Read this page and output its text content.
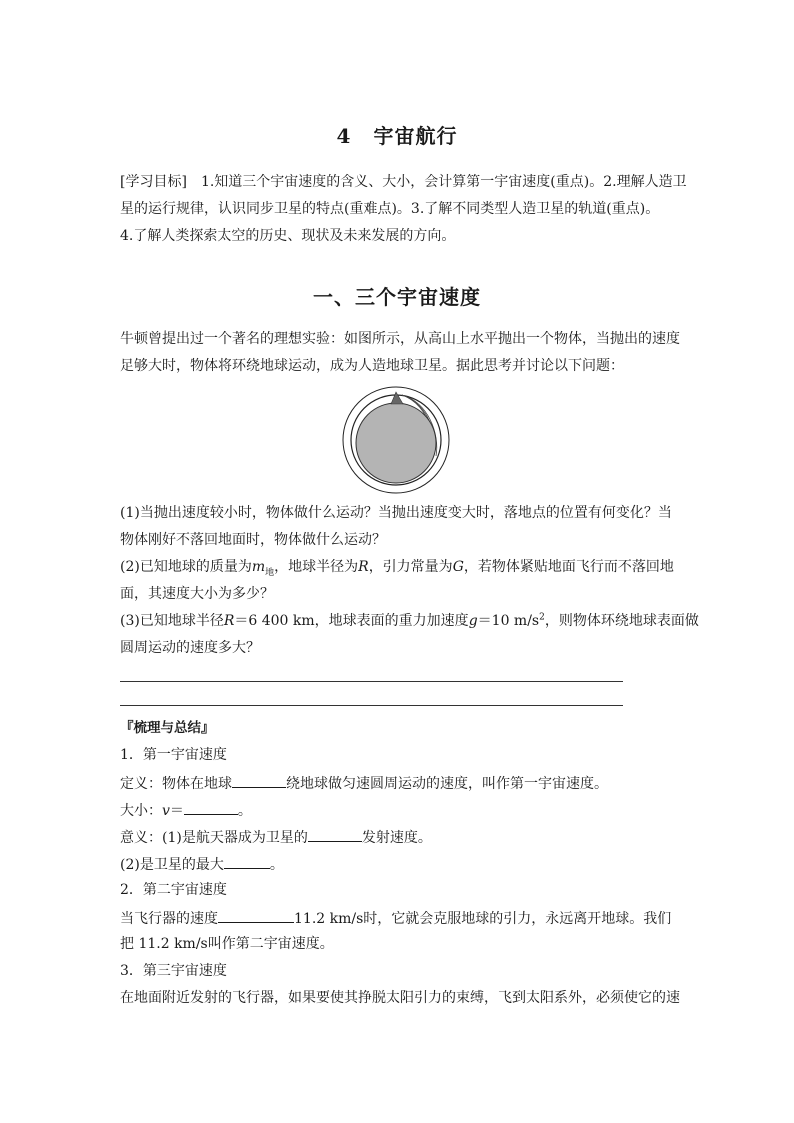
4 宇宙航行
[学习目标] 1.知道三个宇宙速度的含义、大小，会计算第一宇宙速度(重点)。2.理解人造卫
星的运行规律，认识同步卫星的特点(重难点)。3.了解不同类型人造卫星的轨道(重点)。
4.了解人类探索太空的历史、现状及未来发展的方向。
一、三个宇宙速度
牛顿曾提出过一个著名的理想实验：如图所示，从高山上水平抛出一个物体，当抛出的速度
足够大时，物体将环绕地球运动，成为人造地球卫星。据此思考并讨论以下问题：
(1)当抛出速度较小时，物体做什么运动？当抛出速度变大时，落地点的位置有何变化？当
物体刚好不落回地面时，物体做什么运动？
(2)已知地球的质量为$m_地$，地球半径为R，引力常量为G，若物体紧贴地面飞行而不落回地
面，其速度大小为多少？
(3)已知地球半径R＝6 400 km，地球表面的重力加速度g＝10 $m/s^2$，则物体环绕地球表面做
圆周运动的速度多大？
『梳理与总结』
1．第一宇宙速度
定义：物体在地球	绕地球做匀速圆周运动的速度，叫作第一宇宙速度。
大小：v＝	。
意义：(1)是航天器成为卫星的	发射速度。
(2)是卫星的最大	。
2．第二宇宙速度
当飞行器的速度	11.2 km/s时，它就会克服地球的引力，永远离开地球。我们
把 11.2 km/s叫作第二宇宙速度。
3．第三宇宙速度
在地面附近发射的飞行器，如果要使其挣脱太阳引力的束缚，飞到太阳系外，必须使它的速
